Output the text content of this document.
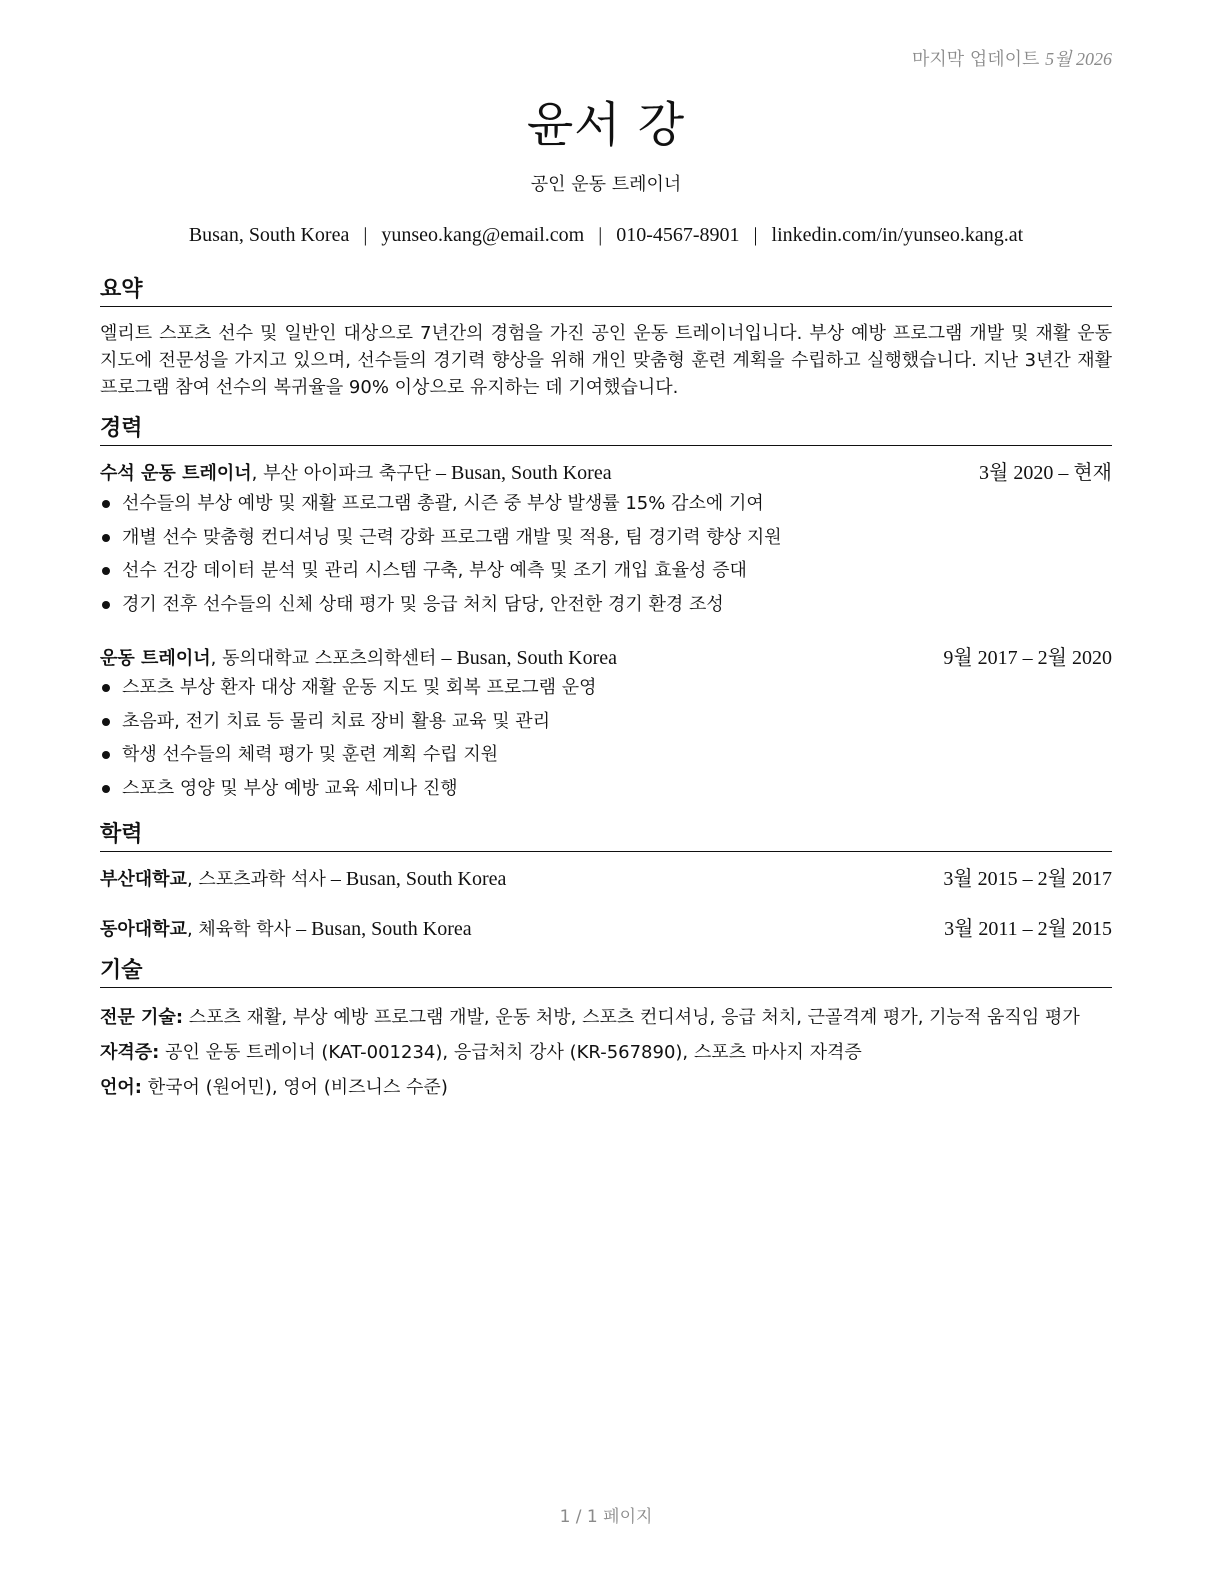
마지막 업데이트 5월 2026
윤서 강
공인 운동 트레이너
Busan, South Korea | yunseo.kang@email.com | 010-4567-8901 | linkedin.com/in/yunseo.kang.at
요약
엘리트 스포츠 선수 및 일반인 대상으로 7년간의 경험을 가진 공인 운동 트레이너입니다. 부상 예방 프로그램 개발 및 재활 운동 지도에 전문성을 가지고 있으며, 선수들의 경기력 향상을 위해 개인 맞춤형 훈련 계획을 수립하고 실행했습니다. 지난 3년간 재활 프로그램 참여 선수의 복귀율을 90% 이상으로 유지하는 데 기여했습니다.
경력
수석 운동 트레이너, 부산 아이파크 축구단 – Busan, South Korea	3월 2020 – 현재
선수들의 부상 예방 및 재활 프로그램 총괄, 시즌 중 부상 발생률 15% 감소에 기여
개별 선수 맞춤형 컨디셔닝 및 근력 강화 프로그램 개발 및 적용, 팀 경기력 향상 지원
선수 건강 데이터 분석 및 관리 시스템 구축, 부상 예측 및 조기 개입 효율성 증대
경기 전후 선수들의 신체 상태 평가 및 응급 처치 담당, 안전한 경기 환경 조성
운동 트레이너, 동의대학교 스포츠의학센터 – Busan, South Korea	9월 2017 – 2월 2020
스포츠 부상 환자 대상 재활 운동 지도 및 회복 프로그램 운영
초음파, 전기 치료 등 물리 치료 장비 활용 교육 및 관리
학생 선수들의 체력 평가 및 훈련 계획 수립 지원
스포츠 영양 및 부상 예방 교육 세미나 진행
학력
부산대학교, 스포츠과학 석사 – Busan, South Korea	3월 2015 – 2월 2017
동아대학교, 체육학 학사 – Busan, South Korea	3월 2011 – 2월 2015
기술
전문 기술: 스포츠 재활, 부상 예방 프로그램 개발, 운동 처방, 스포츠 컨디셔닝, 응급 처치, 근골격계 평가, 기능적 움직임 평가
자격증: 공인 운동 트레이너 (KAT-001234), 응급처치 강사 (KR-567890), 스포츠 마사지 자격증
언어: 한국어 (원어민), 영어 (비즈니스 수준)
1 / 1 페이지
